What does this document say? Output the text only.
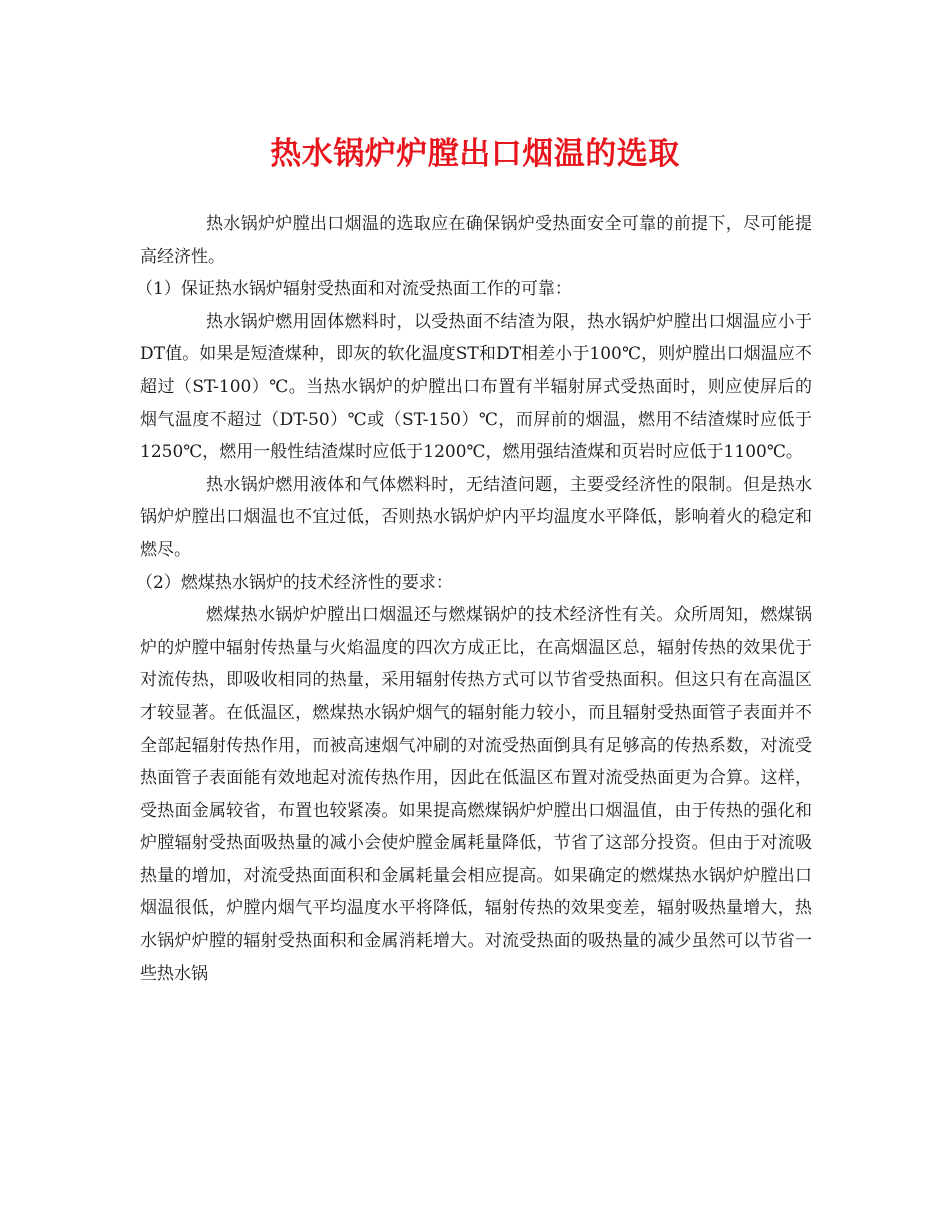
热水锅炉炉膛出口烟温的选取

热水锅炉炉膛出口烟温的选取应在确保锅炉受热面安全可靠的前提下，尽可能提高经济性。

（1）保证热水锅炉辐射受热面和对流受热面工作的可靠：

热水锅炉燃用固体燃料时，以受热面不结渣为限，热水锅炉炉膛出口烟温应小于DT值。如果是短渣煤种，即灰的软化温度ST和DT相差小于100℃，则炉膛出口烟温应不超过（ST-100）℃。当热水锅炉的炉膛出口布置有半辐射屏式受热面时，则应使屏后的烟气温度不超过（DT-50）℃或（ST-150）℃，而屏前的烟温，燃用不结渣煤时应低于1250℃，燃用一般性结渣煤时应低于1200℃，燃用强结渣煤和页岩时应低于1100℃。

热水锅炉燃用液体和气体燃料时，无结渣问题，主要受经济性的限制。但是热水锅炉炉膛出口烟温也不宜过低，否则热水锅炉炉内平均温度水平降低，影响着火的稳定和燃尽。

（2）燃煤热水锅炉的技术经济性的要求：

燃煤热水锅炉炉膛出口烟温还与燃煤锅炉的技术经济性有关。众所周知，燃煤锅炉的炉膛中辐射传热量与火焰温度的四次方成正比，在高烟温区总，辐射传热的效果优于对流传热，即吸收相同的热量，采用辐射传热方式可以节省受热面积。但这只有在高温区才较显著。在低温区，燃煤热水锅炉烟气的辐射能力较小，而且辐射受热面管子表面并不全部起辐射传热作用，而被高速烟气冲刷的对流受热面倒具有足够高的传热系数，对流受热面管子表面能有效地起对流传热作用，因此在低温区布置对流受热面更为合算。这样，受热面金属较省，布置也较紧凑。如果提高燃煤锅炉炉膛出口烟温值，由于传热的强化和炉膛辐射受热面吸热量的减小会使炉膛金属耗量降低，节省了这部分投资。但由于对流吸热量的增加，对流受热面面积和金属耗量会相应提高。如果确定的燃煤热水锅炉炉膛出口烟温很低，炉膛内烟气平均温度水平将降低，辐射传热的效果变差，辐射吸热量增大，热水锅炉炉膛的辐射受热面积和金属消耗增大。对流受热面的吸热量的减少虽然可以节省一些热水锅
